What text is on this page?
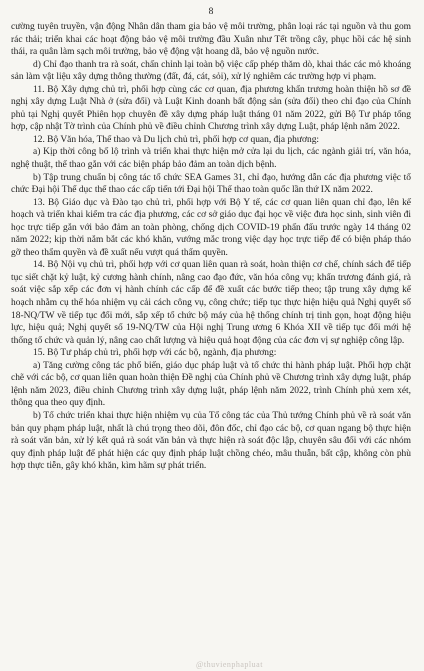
8

cường tuyên truyền, vận động Nhân dân tham gia bảo vệ môi trường, phân loại rác tại nguồn và thu gom rác thải; triển khai các hoạt động bảo vệ môi trường đầu Xuân như Tết trồng cây, phục hồi các hệ sinh thái, ra quân làm sạch môi trường, bảo vệ động vật hoang dã, bảo vệ nguồn nước.

d) Chỉ đạo thanh tra rà soát, chấn chỉnh lại toàn bộ việc cấp phép thăm dò, khai thác các mỏ khoáng sản làm vật liệu xây dựng thông thường (đất, đá, cát, sỏi), xử lý nghiêm các trường hợp vi phạm.

11. Bộ Xây dựng chủ trì, phối hợp cùng các cơ quan, địa phương khẩn trương hoàn thiện hồ sơ đề nghị xây dựng Luật Nhà ở (sửa đổi) và Luật Kinh doanh bất động sản (sửa đổi) theo chỉ đạo của Chính phủ tại Nghị quyết Phiên họp chuyên đề xây dựng pháp luật tháng 01 năm 2022, gửi Bộ Tư pháp tổng hợp, cập nhật Tờ trình của Chính phủ về điều chỉnh Chương trình xây dựng Luật, pháp lệnh năm 2022.

12. Bộ Văn hóa, Thể thao và Du lịch chủ trì, phối hợp cơ quan, địa phương:

a) Kịp thời công bố lộ trình và triển khai thực hiện mở cửa lại du lịch, các ngành giải trí, văn hóa, nghệ thuật, thể thao gắn với các biện pháp bảo đảm an toàn dịch bệnh.

b) Tập trung chuẩn bị công tác tổ chức SEA Games 31, chỉ đạo, hướng dẫn các địa phương việc tổ chức Đại hội Thể dục thể thao các cấp tiến tới Đại hội Thể thao toàn quốc lần thứ IX năm 2022.

13. Bộ Giáo dục và Đào tạo chủ trì, phối hợp với Bộ Y tế, các cơ quan liên quan chỉ đạo, lên kế hoạch và triển khai kiểm tra các địa phương, các cơ sở giáo dục đại học về việc đưa học sinh, sinh viên đi học trực tiếp gắn với bảo đảm an toàn phòng, chống dịch COVID-19 phấn đấu trước ngày 14 tháng 02 năm 2022; kịp thời nắm bắt các khó khăn, vướng mắc trong việc dạy học trực tiếp để có biện pháp tháo gỡ theo thẩm quyền và đề xuất nếu vượt quá thẩm quyền.

14. Bộ Nội vụ chủ trì, phối hợp với cơ quan liên quan rà soát, hoàn thiện cơ chế, chính sách để tiếp tục siết chặt kỷ luật, kỷ cương hành chính, nâng cao đạo đức, văn hóa công vụ; khẩn trương đánh giá, rà soát việc sắp xếp các đơn vị hành chính các cấp để đề xuất các bước tiếp theo; tập trung xây dựng kế hoạch nhằm cụ thể hóa nhiệm vụ cải cách công vụ, công chức; tiếp tục thực hiện hiệu quả Nghị quyết số 18-NQ/TW về tiếp tục đổi mới, sắp xếp tổ chức bộ máy của hệ thống chính trị tinh gọn, hoạt động hiệu lực, hiệu quả; Nghị quyết số 19-NQ/TW của Hội nghị Trung ương 6 Khóa XII về tiếp tục đổi mới hệ thống tổ chức và quản lý, nâng cao chất lượng và hiệu quả hoạt động của các đơn vị sự nghiệp công lập.

15. Bộ Tư pháp chủ trì, phối hợp với các bộ, ngành, địa phương:

a) Tăng cường công tác phổ biến, giáo dục pháp luật và tổ chức thi hành pháp luật. Phối hợp chặt chẽ với các bộ, cơ quan liên quan hoàn thiện Đề nghị của Chính phủ về Chương trình xây dựng luật, pháp lệnh năm 2023, điều chỉnh Chương trình xây dựng luật, pháp lệnh năm 2022, trình Chính phủ xem xét, thông qua theo quy định.

b) Tổ chức triển khai thực hiện nhiệm vụ của Tổ công tác của Thủ tướng Chính phủ về rà soát văn bản quy phạm pháp luật, nhất là chú trọng theo dõi, đôn đốc, chỉ đạo các bộ, cơ quan ngang bộ thực hiện rà soát văn bản, xử lý kết quả rà soát văn bản và thực hiện rà soát độc lập, chuyên sâu đối với các nhóm quy định pháp luật để phát hiện các quy định pháp luật chồng chéo, mâu thuẫn, bất cập, không còn phù hợp thực tiễn, gây khó khăn, kìm hãm sự phát triển.

@thuvienphapluat
